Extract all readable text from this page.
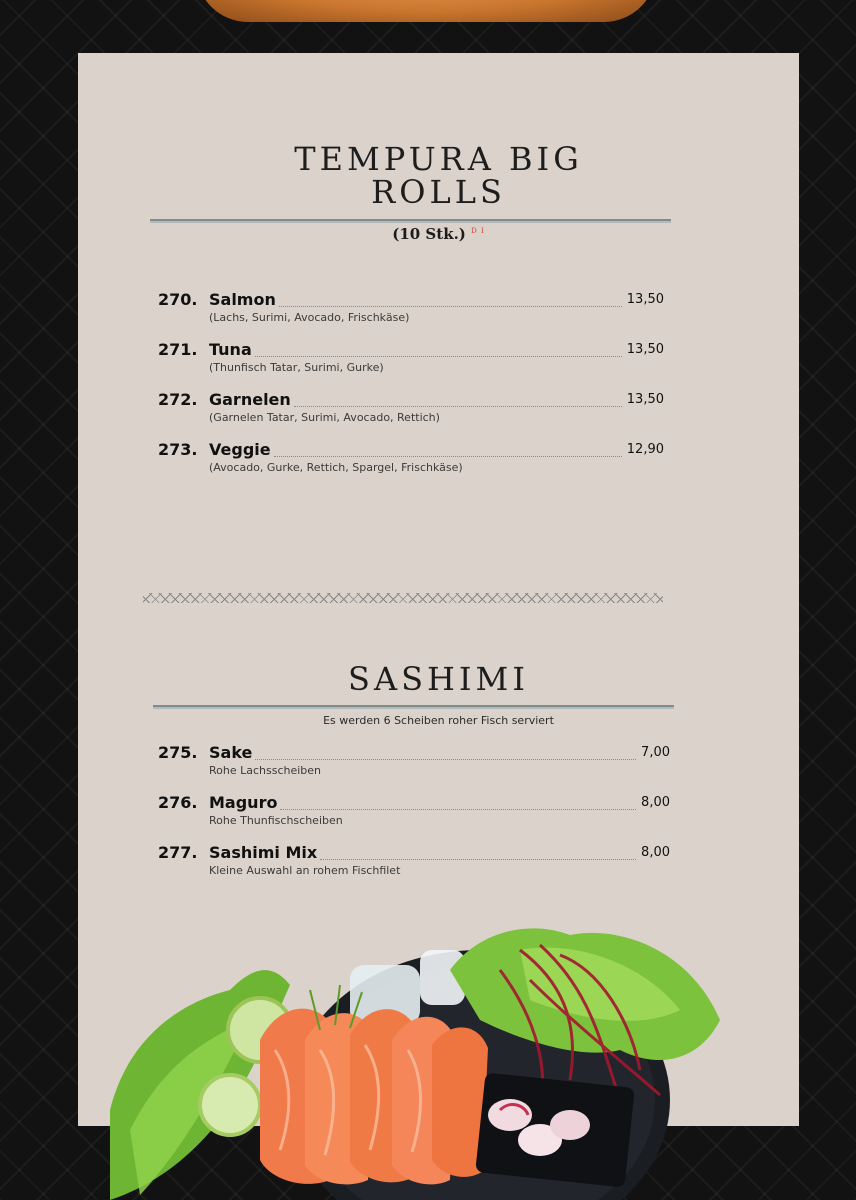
TEMPURA BIG
ROLLS
(10 Stk.) $^{D I}$
270. Salmon	13,50
(Lachs, Surimi, Avocado, Frischkäse)
271. Tuna	13,50
(Thunfisch Tatar, Surimi, Gurke)
272. Garnelen	13,50
(Garnelen Tatar, Surimi, Avocado, Rettich)
273. Veggie	12,90
(Avocado, Gurke, Rettich, Spargel, Frischkäse)
SASHIMI
Es werden 6 Scheiben roher Fisch serviert
275. Sake	7,00
Rohe Lachsscheiben
276. Maguro	8,00
Rohe Thunfischscheiben
277. Sashimi Mix	8,00
Kleine Auswahl an rohem Fischfilet
